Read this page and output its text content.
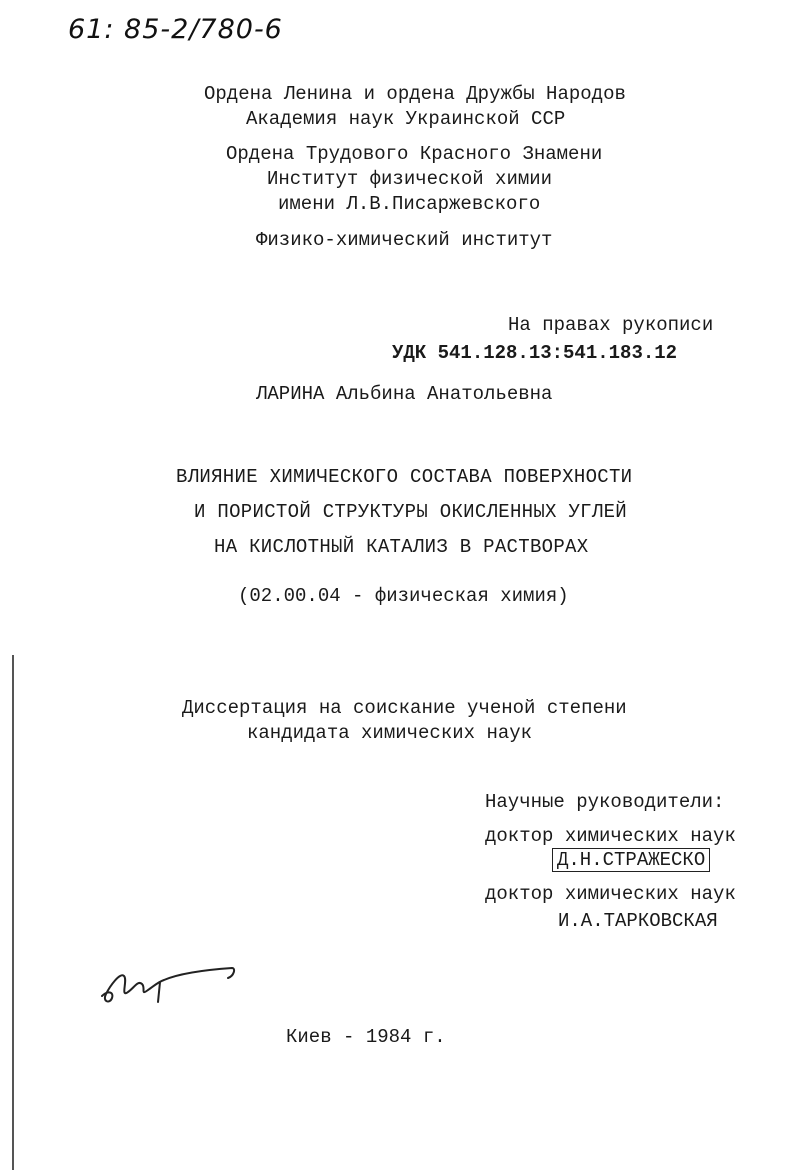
61: 85-2/780-6
Ордена Ленина и ордена Дружбы Народов
Академия наук Украинской ССР
Ордена Трудового Красного Знамени
Институт физической химии
имени Л.В.Писаржевского
Физико-химический институт
На правах рукописи
УДК 541.128.13:541.183.12
ЛАРИНА Альбина Анатольевна
ВЛИЯНИЕ ХИМИЧЕСКОГО СОСТАВА ПОВЕРХНОСТИ
И ПОРИСТОЙ СТРУКТУРЫ ОКИСЛЕННЫХ УГЛЕЙ
НА КИСЛОТНЫЙ КАТАЛИЗ В РАСТВОРАХ
(02.00.04 - физическая химия)
Диссертация на соискание ученой степени
кандидата химических наук
Научные руководители:
доктор химических наук
Д.Н.СТРАЖЕСКО
доктор химических наук
И.А.ТАРКОВСКАЯ
Киев - 1984 г.
